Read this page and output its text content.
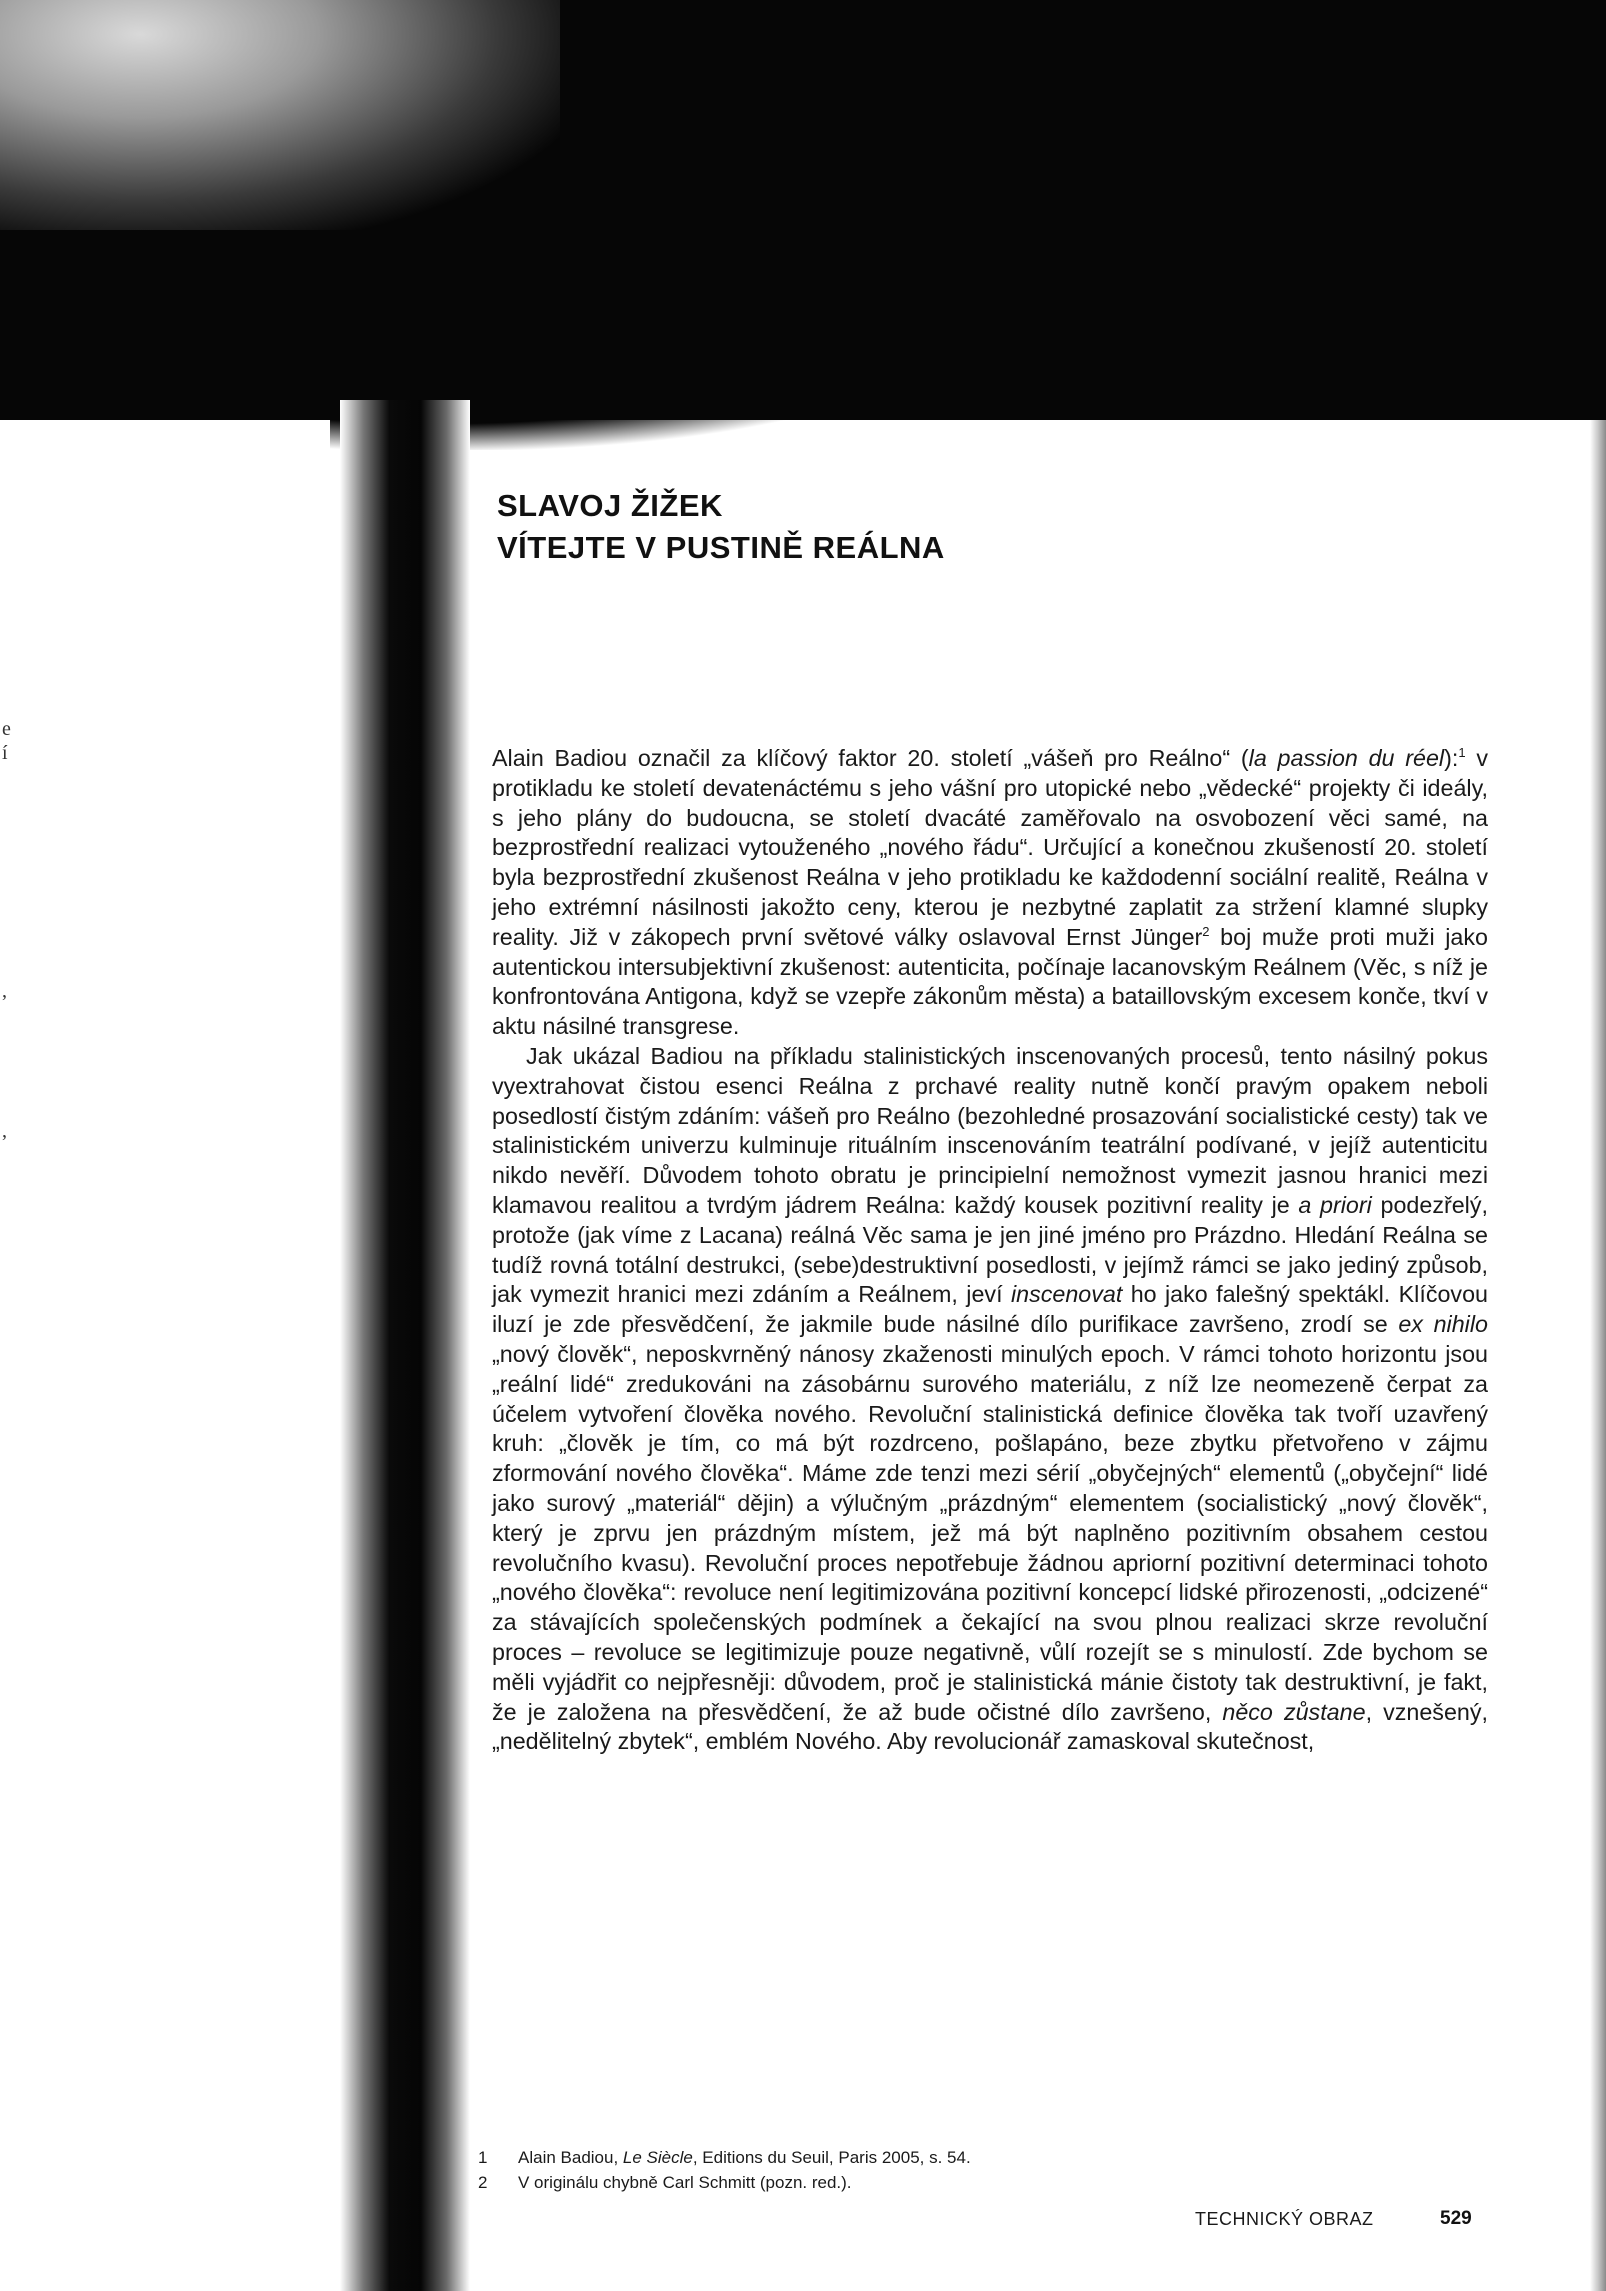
e
í
,
,
SLAVOJ ŽIŽEK
VÍTEJTE V PUSTINĚ REÁLNA

Alain Badiou označil za klíčový faktor 20. století „vášeň pro Reálno“ (la passion du réel):$^1$ v protikladu ke století devatenáctému s jeho vášní pro utopické nebo „vědecké“ projekty či ideály, s jeho plány do budoucna, se století dvacáté zaměřovalo na osvobození věci samé, na bezprostřední realizaci vytouženého „nového řádu“. Určující a konečnou zkušeností 20. století byla bezprostřední zkušenost Reálna v jeho protikladu ke každodenní sociální realitě, Reálna v jeho extrémní násilnosti jakožto ceny, kterou je nezbytné zaplatit za stržení klamné slupky reality. Již v zákopech první světové války oslavoval Ernst Jünger$^2$ boj muže proti muži jako autentickou intersubjektivní zkušenost: autenticita, počínaje lacanovským Reálnem (Věc, s níž je konfrontována Antigona, když se vzepře zákonům města) a bataillovským excesem konče, tkví v aktu násilné transgrese.

Jak ukázal Badiou na příkladu stalinistických inscenovaných procesů, tento násilný pokus vyextrahovat čistou esenci Reálna z prchavé reality nutně končí pravým opakem neboli posedlostí čistým zdáním: vášeň pro Reálno (bezohledné prosazování socialistické cesty) tak ve stalinistickém univerzu kulminuje rituálním inscenováním teatrální podívané, v jejíž autenticitu nikdo nevěří. Důvodem tohoto obratu je principielní nemožnost vymezit jasnou hranici mezi klamavou realitou a tvrdým jádrem Reálna: každý kousek pozitivní reality je a priori podezřelý, protože (jak víme z Lacana) reálná Věc sama je jen jiné jméno pro Prázdno. Hledání Reálna se tudíž rovná totální destrukci, (sebe)destruktivní posedlosti, v jejímž rámci se jako jediný způsob, jak vymezit hranici mezi zdáním a Reálnem, jeví inscenovat ho jako falešný spektákl. Klíčovou iluzí je zde přesvědčení, že jakmile bude násilné dílo purifikace završeno, zrodí se ex nihilo „nový člověk“, neposkvrněný nánosy zkaženosti minulých epoch. V rámci tohoto horizontu jsou „reální lidé“ zredukováni na zásobárnu surového materiálu, z níž lze neomezeně čerpat za účelem vytvoření člověka nového. Revoluční stalinistická definice člověka tak tvoří uzavřený kruh: „člověk je tím, co má být rozdrceno, pošlapáno, beze zbytku přetvořeno v zájmu zformování nového člověka“. Máme zde tenzi mezi sérií „obyčejných“ elementů („obyčejní“ lidé jako surový „materiál“ dějin) a výlučným „prázdným“ elementem (socialistický „nový člověk“, který je zprvu jen prázdným místem, jež má být naplněno pozitivním obsahem cestou revolučního kvasu). Revoluční proces nepotřebuje žádnou apriorní pozitivní determinaci tohoto „nového člověka“: revoluce není legitimizována pozitivní koncepcí lidské přirozenosti, „odcizené“ za stávajících společenských podmínek a čekající na svou plnou realizaci skrze revoluční proces – revoluce se legitimizuje pouze negativně, vůlí rozejít se s minulostí. Zde bychom se měli vyjádřit co nejpřesněji: důvodem, proč je stalinistická mánie čistoty tak destruktivní, je fakt, že je založena na přesvědčení, že až bude očistné dílo završeno, něco zůstane, vznešený, „nedělitelný zbytek“, emblém Nového. Aby revolucionář zamaskoval skutečnost,

1	Alain Badiou, Le Siècle, Editions du Seuil, Paris 2005, s. 54.
2	V originálu chybně Carl Schmitt (pozn. red.).
TECHNICKÝ OBRAZ	529
